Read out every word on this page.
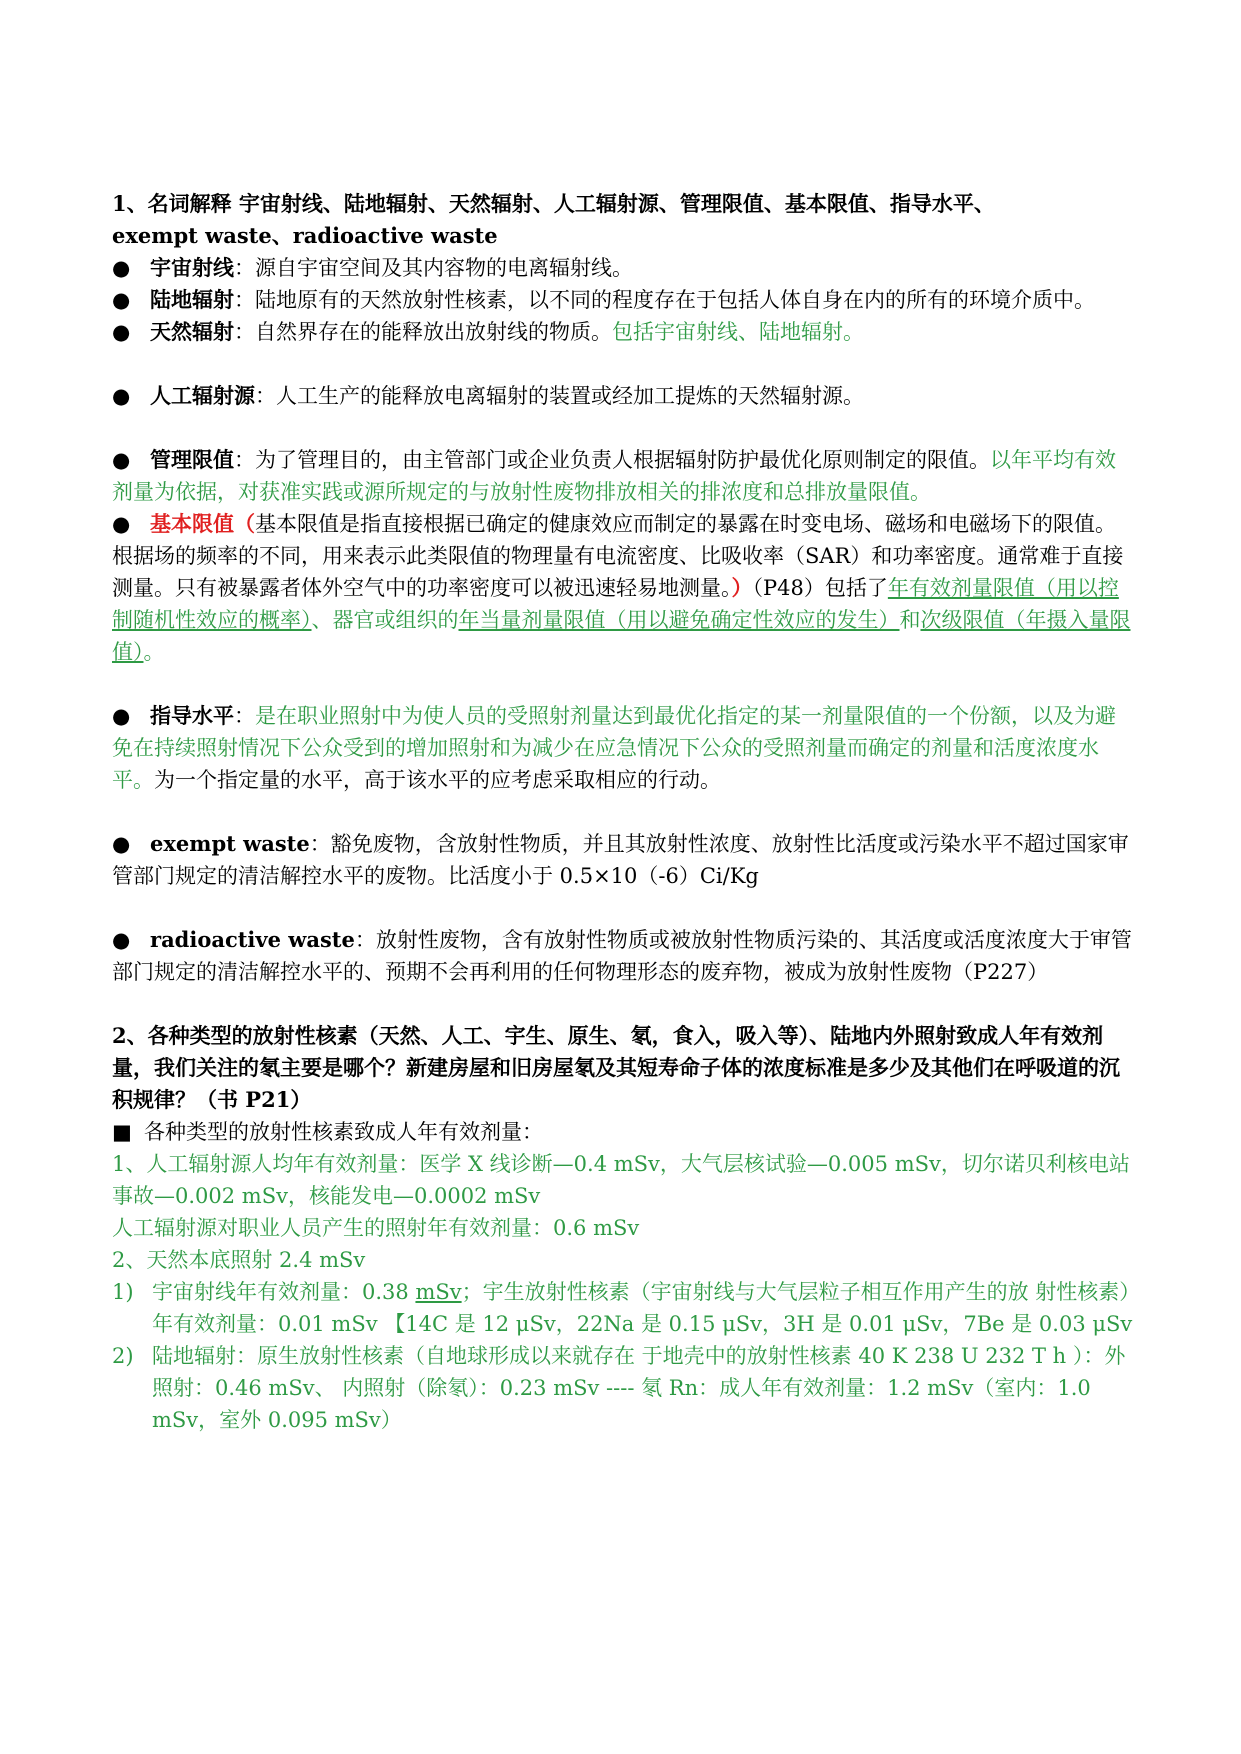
1、名词解释 宇宙射线、陆地辐射、天然辐射、人工辐射源、管理限值、基本限值、指导水平、
exempt waste、radioactive waste
● 宇宙射线：源自宇宙空间及其内容物的电离辐射线。
● 陆地辐射：陆地原有的天然放射性核素，以不同的程度存在于包括人体自身在内的所有的环境介质中。
● 天然辐射：自然界存在的能释放出放射线的物质。包括宇宙射线、陆地辐射。
● 人工辐射源：人工生产的能释放电离辐射的装置或经加工提炼的天然辐射源。
● 管理限值：为了管理目的，由主管部门或企业负责人根据辐射防护最优化原则制定的限值。以年平均有效剂量为依据，对获准实践或源所规定的与放射性废物排放相关的排浓度和总排放量限值。
● 基本限值（基本限值是指直接根据已确定的健康效应而制定的暴露在时变电场、磁场和电磁场下的限值。根据场的频率的不同，用来表示此类限值的物理量有电流密度、比吸收率（SAR）和功率密度。通常难于直接测量。只有被暴露者体外空气中的功率密度可以被迅速轻易地测量。）（P48）包括了年有效剂量限值（用以控制随机性效应的概率）、器官或组织的年当量剂量限值（用以避免确定性效应的发生）和次级限值（年摄入量限值）。
● 指导水平：是在职业照射中为使人员的受照射剂量达到最优化指定的某一剂量限值的一个份额，以及为避免在持续照射情况下公众受到的增加照射和为减少在应急情况下公众的受照剂量而确定的剂量和活度浓度水平。为一个指定量的水平，高于该水平的应考虑采取相应的行动。
● exempt waste：豁免废物，含放射性物质，并且其放射性浓度、放射性比活度或污染水平不超过国家审管部门规定的清洁解控水平的废物。比活度小于 0.5×10（-6）Ci/Kg
● radioactive waste：放射性废物，含有放射性物质或被放射性物质污染的、其活度或活度浓度大于审管部门规定的清洁解控水平的、预期不会再利用的任何物理形态的废弃物，被成为放射性废物（P227）
2、各种类型的放射性核素（天然、人工、宇生、原生、氡，食入，吸入等）、陆地内外照射致成人年有效剂量，我们关注的氡主要是哪个？新建房屋和旧房屋氡及其短寿命子体的浓度标准是多少及其他们在呼吸道的沉积规律？（书 P21）
■ 各种类型的放射性核素致成人年有效剂量：
1、人工辐射源人均年有效剂量：医学 X 线诊断—0.4 mSv，大气层核试验—0.005 mSv，切尔诺贝利核电站事故—0.002 mSv，核能发电—0.0002 mSv
人工辐射源对职业人员产生的照射年有效剂量：0.6 mSv
2、天然本底照射 2.4 mSv
1) 宇宙射线年有效剂量：0.38 mSv；宇生放射性核素（宇宙射线与大气层粒子相互作用产生的放 射性核素）年有效剂量：0.01 mSv 【14C 是 12 μSv，22Na 是 0.15 μSv，3H 是 0.01 μSv，7Be 是 0.03 μSv
2) 陆地辐射：原生放射性核素（自地球形成以来就存在 于地壳中的放射性核素 40 K 238 U 232 T h ）：外照射：0.46 mSv、 内照射（除氡）：0.23 mSv ---- 氡 Rn：成人年有效剂量：1.2 mSv（室内：1.0 mSv，室外 0.095 mSv）
